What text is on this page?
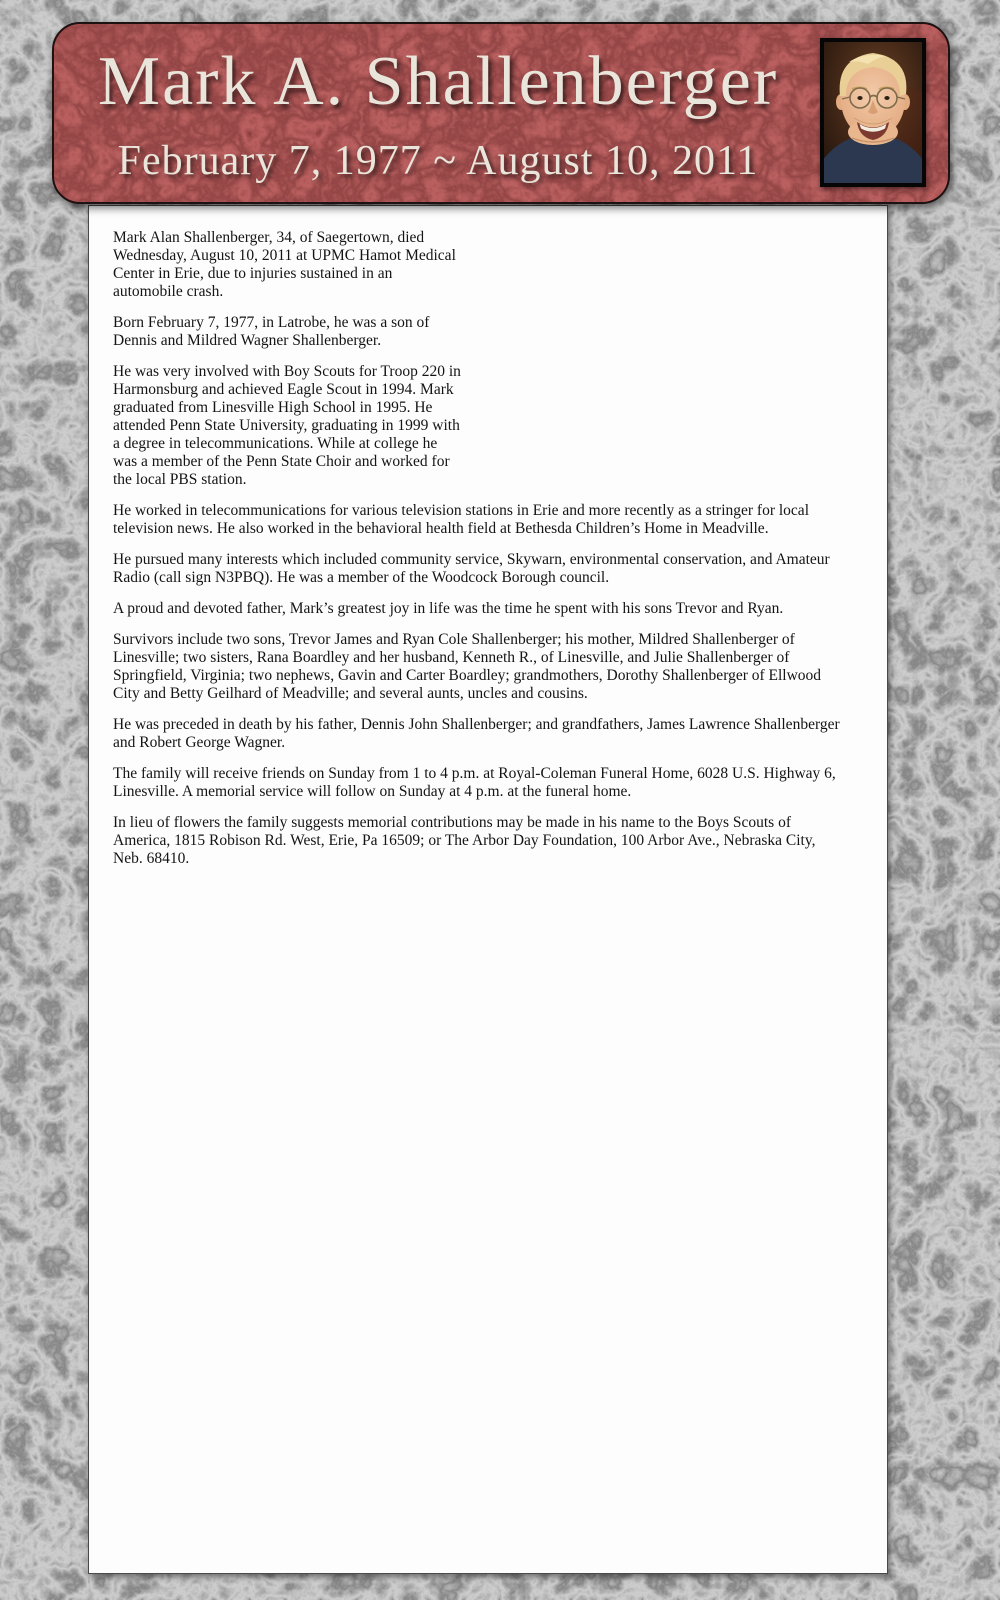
Mark Alan Shallenberger, 34, of Saegertown, died Wednesday, August 10, 2011 at UPMC Hamot Medical Center in Erie, due to injuries sustained in an automobile crash.

Born February 7, 1977, in Latrobe, he was a son of Dennis and Mildred Wagner Shallenberger.

He was very involved with Boy Scouts for Troop 220 in Harmonsburg and achieved Eagle Scout in 1994. Mark graduated from Linesville High School in 1995. He attended Penn State University, graduating in 1999 with a degree in telecommunications. While at college he was a member of the Penn State Choir and worked for the local PBS station.

He worked in telecommunications for various television stations in Erie and more recently as a stringer for local television news. He also worked in the behavioral health field at Bethesda Children’s Home in Meadville.

He pursued many interests which included community service, Skywarn, environmental conservation, and Amateur Radio (call sign N3PBQ). He was a member of the Woodcock Borough council.

A proud and devoted father, Mark’s greatest joy in life was the time he spent with his sons Trevor and Ryan.

Survivors include two sons, Trevor James and Ryan Cole Shallenberger; his mother, Mildred Shallenberger of Linesville; two sisters, Rana Boardley and her husband, Kenneth R., of Linesville, and Julie Shallenberger of Springfield, Virginia; two nephews, Gavin and Carter Boardley; grandmothers, Dorothy Shallenberger of Ellwood City and Betty Geilhard of Meadville; and several aunts, uncles and cousins.

He was preceded in death by his father, Dennis John Shallenberger; and grandfathers, James Lawrence Shallenberger and Robert George Wagner.

The family will receive friends on Sunday from 1 to 4 p.m. at Royal-Coleman Funeral Home, 6028 U.S. Highway 6, Linesville. A memorial service will follow on Sunday at 4 p.m. at the funeral home.

In lieu of flowers the family suggests memorial contributions may be made in his name to the Boys Scouts of America, 1815 Robison Rd. West, Erie, Pa 16509; or The Arbor Day Foundation, 100 Arbor Ave., Nebraska City, Neb. 68410.

Mark A. Shallenberger
February 7, 1977 ~ August 10, 2011
